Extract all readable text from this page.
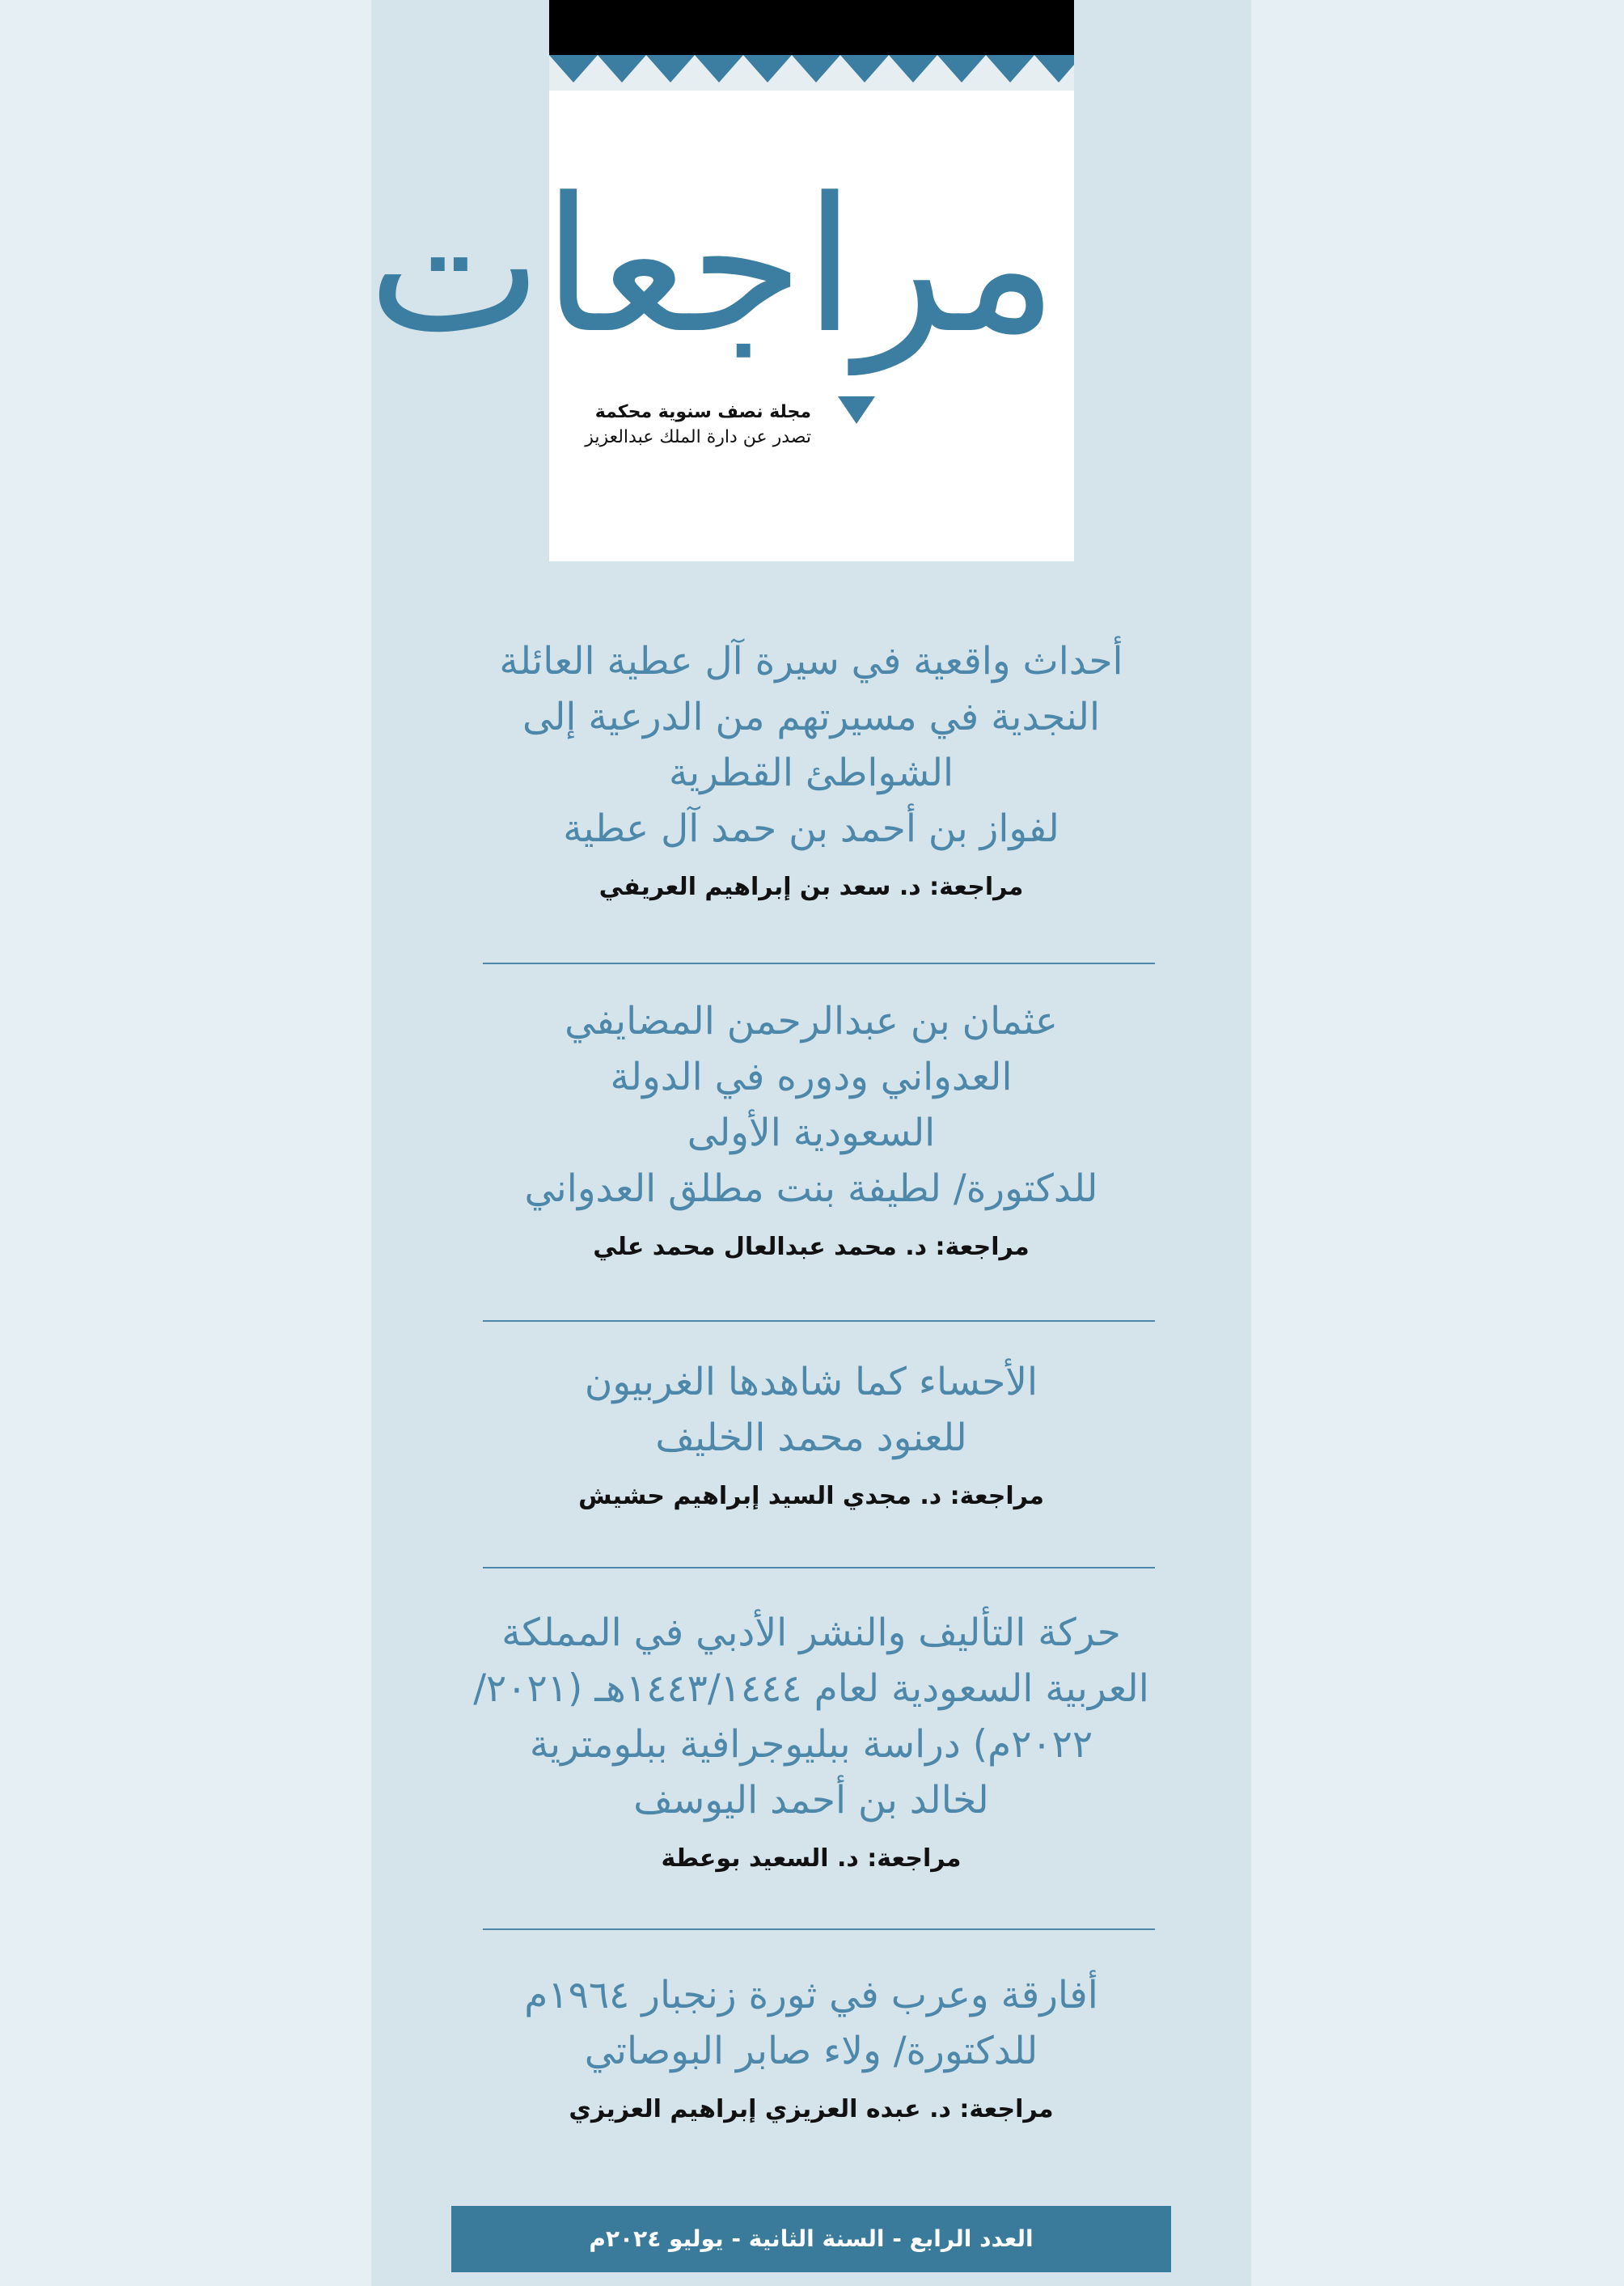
مراجعات
مجلة نصف سنوية محكمة
تصدر عن دارة الملك عبدالعزيز
أحداث واقعية في سيرة آل عطية العائلة
النجدية في مسيرتهم من الدرعية إلى
الشواطئ القطرية
لفواز بن أحمد بن حمد آل عطية
مراجعة: د. سعد بن إبراهيم العريفي
عثمان بن عبدالرحمن المضايفي
العدواني ودوره في الدولة
السعودية الأولى
للدكتورة/ لطيفة بنت مطلق العدواني
مراجعة: د. محمد عبدالعال محمد علي
الأحساء كما شاهدها الغربيون
للعنود محمد الخليف
مراجعة: د. مجدي السيد إبراهيم حشيش
حركة التأليف والنشر الأدبي في المملكة
العربية السعودية لعام ١٤٤٣/١٤٤٤هـ (٢٠٢١/
٢٠٢٢م) دراسة ببليوجرافية ببلومترية
لخالد بن أحمد اليوسف
مراجعة: د. السعيد بوعطة
أفارقة وعرب في ثورة زنجبار ١٩٦٤م
للدكتورة/ ولاء صابر البوصاتي
مراجعة: د. عبده العزيزي إبراهيم العزيزي
العدد الرابع - السنة الثانية - يوليو ٢٠٢٤م
